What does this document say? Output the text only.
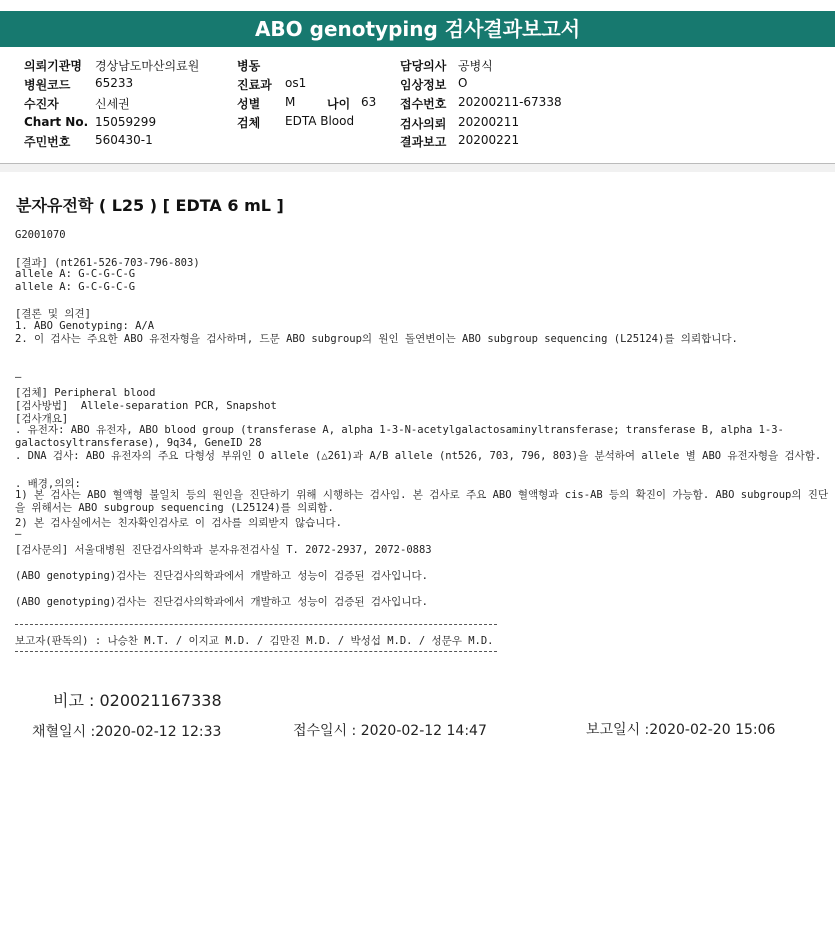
ABO genotyping 검사결과보고서
의뢰기관명 경상남도마산의료원
병원코드 65233
수진자	신세권
Chart No. 15059299
주민번호 560430-1
병동
진료과 os1
성별 M	나이 63
검체 EDTA Blood
담당의사 공병식
임상정보 O
접수번호 20200211-67338
검사의뢰 20200211
결과보고 20200221
분자유전학 ( L25 ) [ EDTA 6 mL ]
G2001070
[결과] (nt261-526-703-796-803)
allele A: G-C-G-C-G
allele A: G-C-G-C-G
[결론 및 의견]
1. ABO Genotyping: A/A
2. 이 검사는 주요한 ABO 유전자형을 검사하며, 드문 ABO subgroup의 원인 돌연변이는 ABO subgroup sequencing (L25124)를 의뢰합니다.
—
[검체] Peripheral blood
[검사방법]  Allele-separation PCR, Snapshot
[검사개요]
. 유전자: ABO 유전자, ABO blood group (transferase A, alpha 1-3-N-acetylgalactosaminyltransferase; transferase B, alpha 1-3-galactosyltransferase), 9q34, GeneID 28
. DNA 검사: ABO 유전자의 주요 다형성 부위인 O allele (△261)과 A/B allele (nt526, 703, 796, 803)을 분석하여 allele 별 ABO 유전자형을 검사함.
. 배경,의의:
1) 본 검사는 ABO 혈액형 불일치 등의 원인을 진단하기 위해 시행하는 검사임. 본 검사로 주요 ABO 혈액형과 cis-AB 등의 확진이 가능함. ABO subgroup의 진단을 위해서는 ABO subgroup sequencing (L25124)를 의뢰함.
2) 본 검사실에서는 친자확인검사로 이 검사를 의뢰받지 않습니다.
—
[검사문의] 서울대병원 진단검사의학과 분자유전검사실 T. 2072-2937, 2072-0883
(ABO genotyping)검사는 진단검사의학과에서 개발하고 성능이 검증된 검사입니다.
(ABO genotyping)검사는 진단검사의학과에서 개발하고 성능이 검증된 검사입니다.
보고자(판독의) : 나승찬 M.T. / 이지교 M.D. / 김만진 M.D. / 박성섭 M.D. / 성문우 M.D.
비고 : 020021167338
채혈일시 :2020-02-12 12:33	접수일시 : 2020-02-12 14:47	보고일시 :2020-02-20 15:06
